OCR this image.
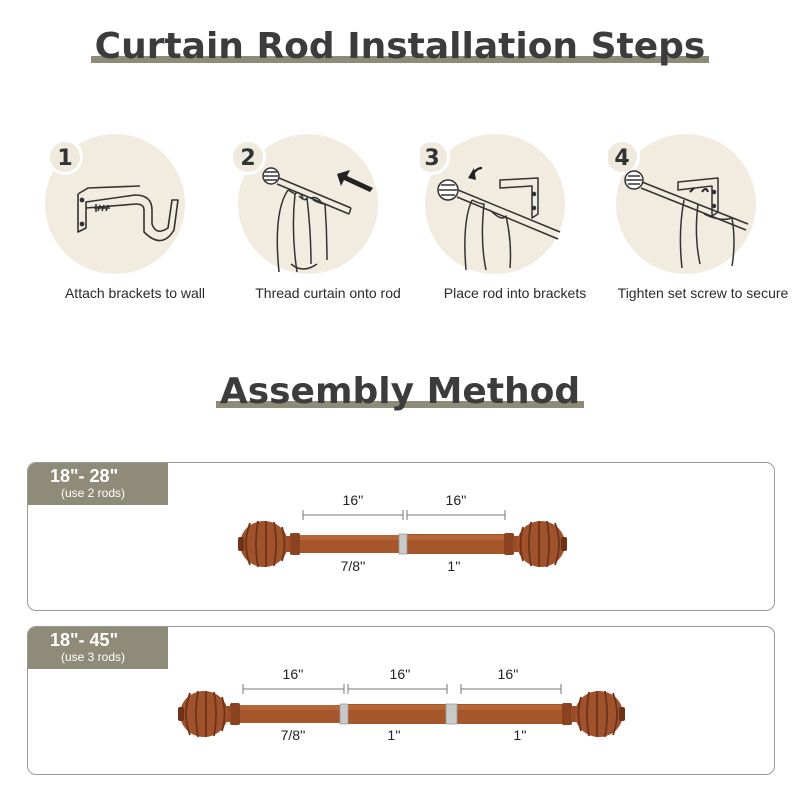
Curtain Rod Installation Steps
1
Attach brackets to wall
2
Thread curtain onto rod
3
Place rod into brackets
4
Tighten set screw to secure
Assembly Method
18"- 28"
(use 2 rods)	16''	16''
7/8''	1''
18"- 45"
(use 3 rods)
16''	16''	16''
7/8''	1''	1''
